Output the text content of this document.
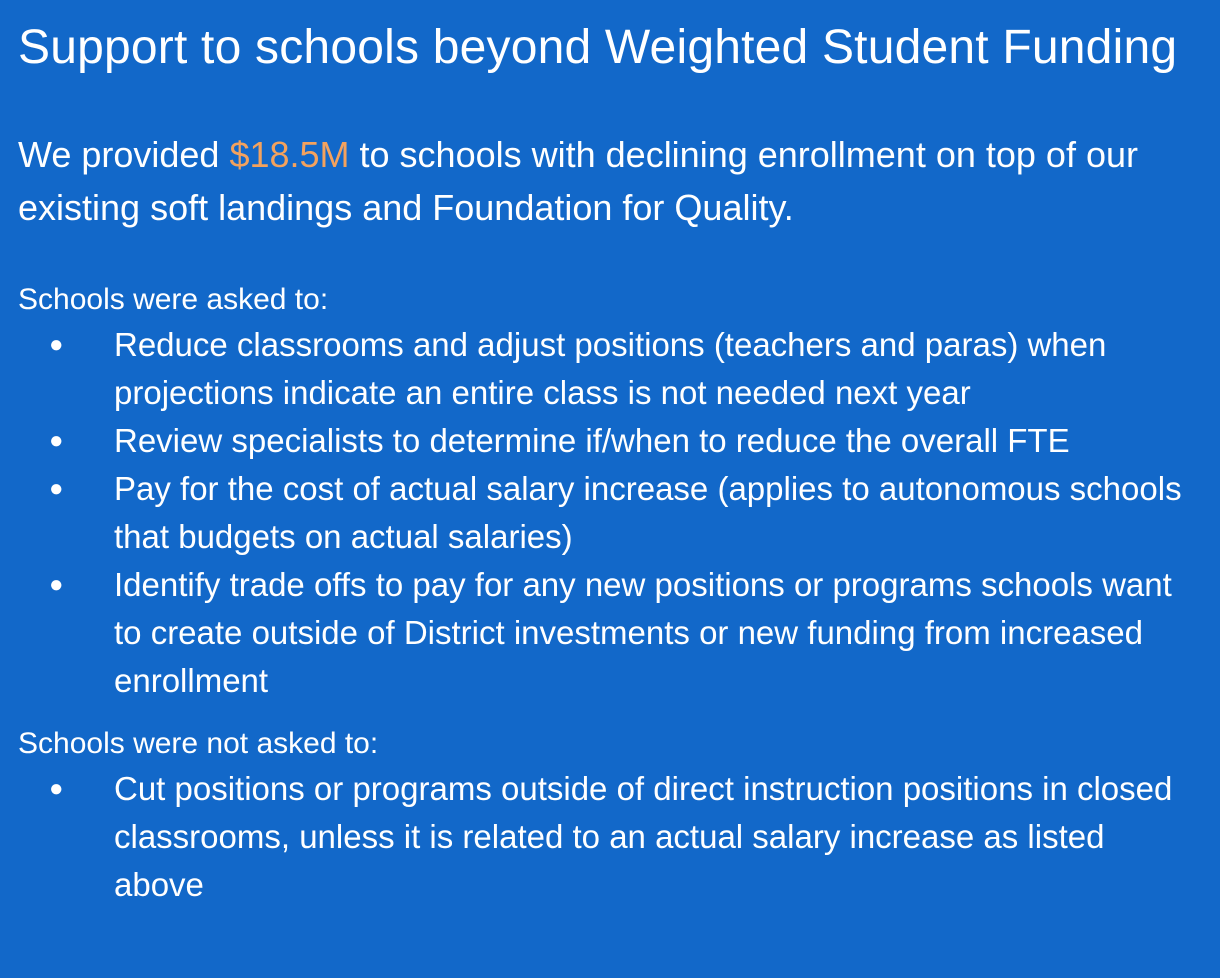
Support to schools beyond Weighted Student Funding

We provided $18.5M to schools with declining enrollment on top of our existing soft landings and Foundation for Quality.

Schools were asked to:

● Reduce classrooms and adjust positions (teachers and paras) when projections indicate an entire class is not needed next year
● Review specialists to determine if/when to reduce the overall FTE
● Pay for the cost of actual salary increase (applies to autonomous schools that budgets on actual salaries)
● Identify trade offs to pay for any new positions or programs schools want to create outside of District investments or new funding from increased enrollment

Schools were not asked to:

● Cut positions or programs outside of direct instruction positions in closed classrooms, unless it is related to an actual salary increase as listed above
